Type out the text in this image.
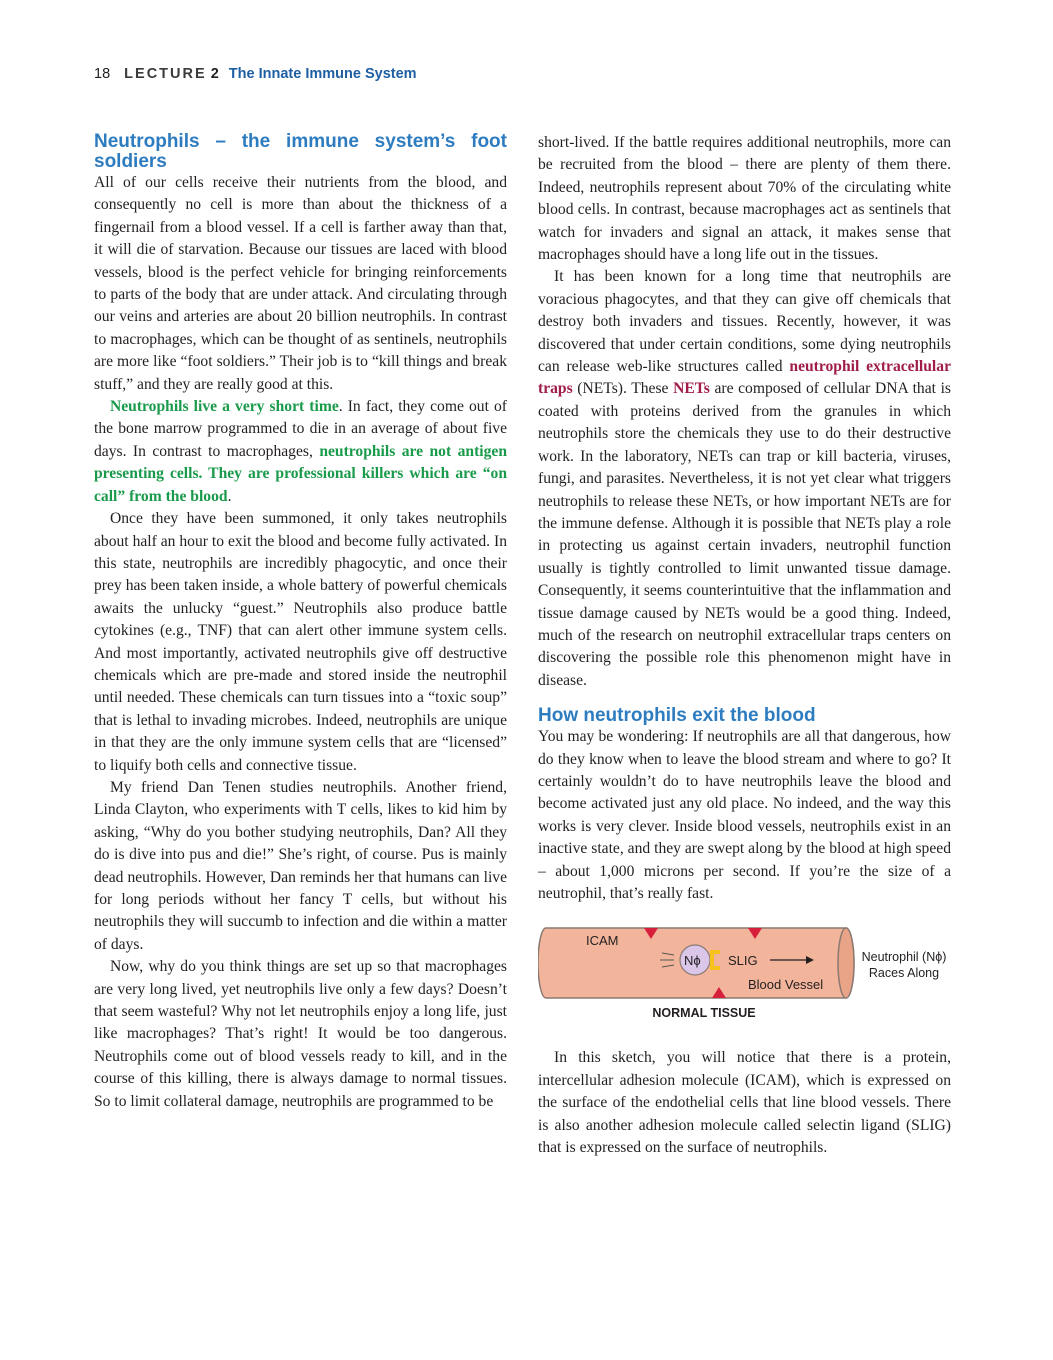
18 LECTURE 2 The Innate Immune System
Neutrophils – the immune system’s foot soldiers

All of our cells receive their nutrients from the blood, and consequently no cell is more than about the thickness of a fingernail from a blood vessel. If a cell is farther away than that, it will die of starvation. Because our tissues are laced with blood vessels, blood is the perfect vehicle for bringing reinforcements to parts of the body that are under attack. And circulating through our veins and arteries are about 20 billion neutrophils. In contrast to macrophages, which can be thought of as sentinels, neutrophils are more like “foot soldiers.” Their job is to “kill things and break stuff,” and they are really good at this.

Neutrophils live a very short time. In fact, they come out of the bone marrow programmed to die in an average of about five days. In contrast to macrophages, neutrophils are not antigen presenting cells. They are professional killers which are “on call” from the blood.

Once they have been summoned, it only takes neutrophils about half an hour to exit the blood and become fully activated. In this state, neutrophils are incredibly phagocytic, and once their prey has been taken inside, a whole battery of powerful chemicals awaits the unlucky “guest.” Neutrophils also produce battle cytokines (e.g., TNF) that can alert other immune system cells. And most importantly, activated neutrophils give off destructive chemicals which are pre-made and stored inside the neutrophil until needed. These chemicals can turn tissues into a “toxic soup” that is lethal to invading microbes. Indeed, neutrophils are unique in that they are the only immune system cells that are “licensed” to liquify both cells and connective tissue.

My friend Dan Tenen studies neutrophils. Another friend, Linda Clayton, who experiments with T cells, likes to kid him by asking, “Why do you bother studying neutrophils, Dan? All they do is dive into pus and die!” She’s right, of course. Pus is mainly dead neutrophils. However, Dan reminds her that humans can live for long periods without her fancy T cells, but without his neutrophils they will succumb to infection and die within a matter of days.

Now, why do you think things are set up so that macrophages are very long lived, yet neutrophils live only a few days? Doesn’t that seem wasteful? Why not let neutrophils enjoy a long life, just like macrophages? That’s right! It would be too dangerous. Neutrophils come out of blood vessels ready to kill, and in the course of this killing, there is always damage to normal tissues. So to limit collateral damage, neutrophils are programmed to be

short-lived. If the battle requires additional neutrophils, more can be recruited from the blood – there are plenty of them there. Indeed, neutrophils represent about 70% of the circulating white blood cells. In contrast, because macrophages act as sentinels that watch for invaders and signal an attack, it makes sense that macrophages should have a long life out in the tissues.

It has been known for a long time that neutrophils are voracious phagocytes, and that they can give off chemicals that destroy both invaders and tissues. Recently, however, it was discovered that under certain conditions, some dying neutrophils can release web-like structures called neutrophil extracellular traps (NETs). These NETs are composed of cellular DNA that is coated with proteins derived from the granules in which neutrophils store the chemicals they use to do their destructive work. In the laboratory, NETs can trap or kill bacteria, viruses, fungi, and parasites. Nevertheless, it is not yet clear what triggers neutrophils to release these NETs, or how important NETs are for the immune defense. Although it is possible that NETs play a role in protecting us against certain invaders, neutrophil function usually is tightly controlled to limit unwanted tissue damage. Consequently, it seems counterintuitive that the inflammation and tissue damage caused by NETs would be a good thing. Indeed, much of the research on neutrophil extracellular traps centers on discovering the possible role this phenomenon might have in disease.

How neutrophils exit the blood

You may be wondering: If neutrophils are all that dangerous, how do they know when to leave the blood stream and where to go? It certainly wouldn’t do to have neutrophils leave the blood and become activated just any old place. No indeed, and the way this works is very clever. Inside blood vessels, neutrophils exist in an inactive state, and they are swept along by the blood at high speed – about 1,000 microns per second. If you’re the size of a neutrophil, that’s really fast.

ICAM
Nϕ SLIG
Blood Vessel
Neutrophil (Nϕ)
Races Along
NORMAL TISSUE

In this sketch, you will notice that there is a protein, intercellular adhesion molecule (ICAM), which is expressed on the surface of the endothelial cells that line blood vessels. There is also another adhesion molecule called selectin ligand (SLIG) that is expressed on the surface of neutrophils.
